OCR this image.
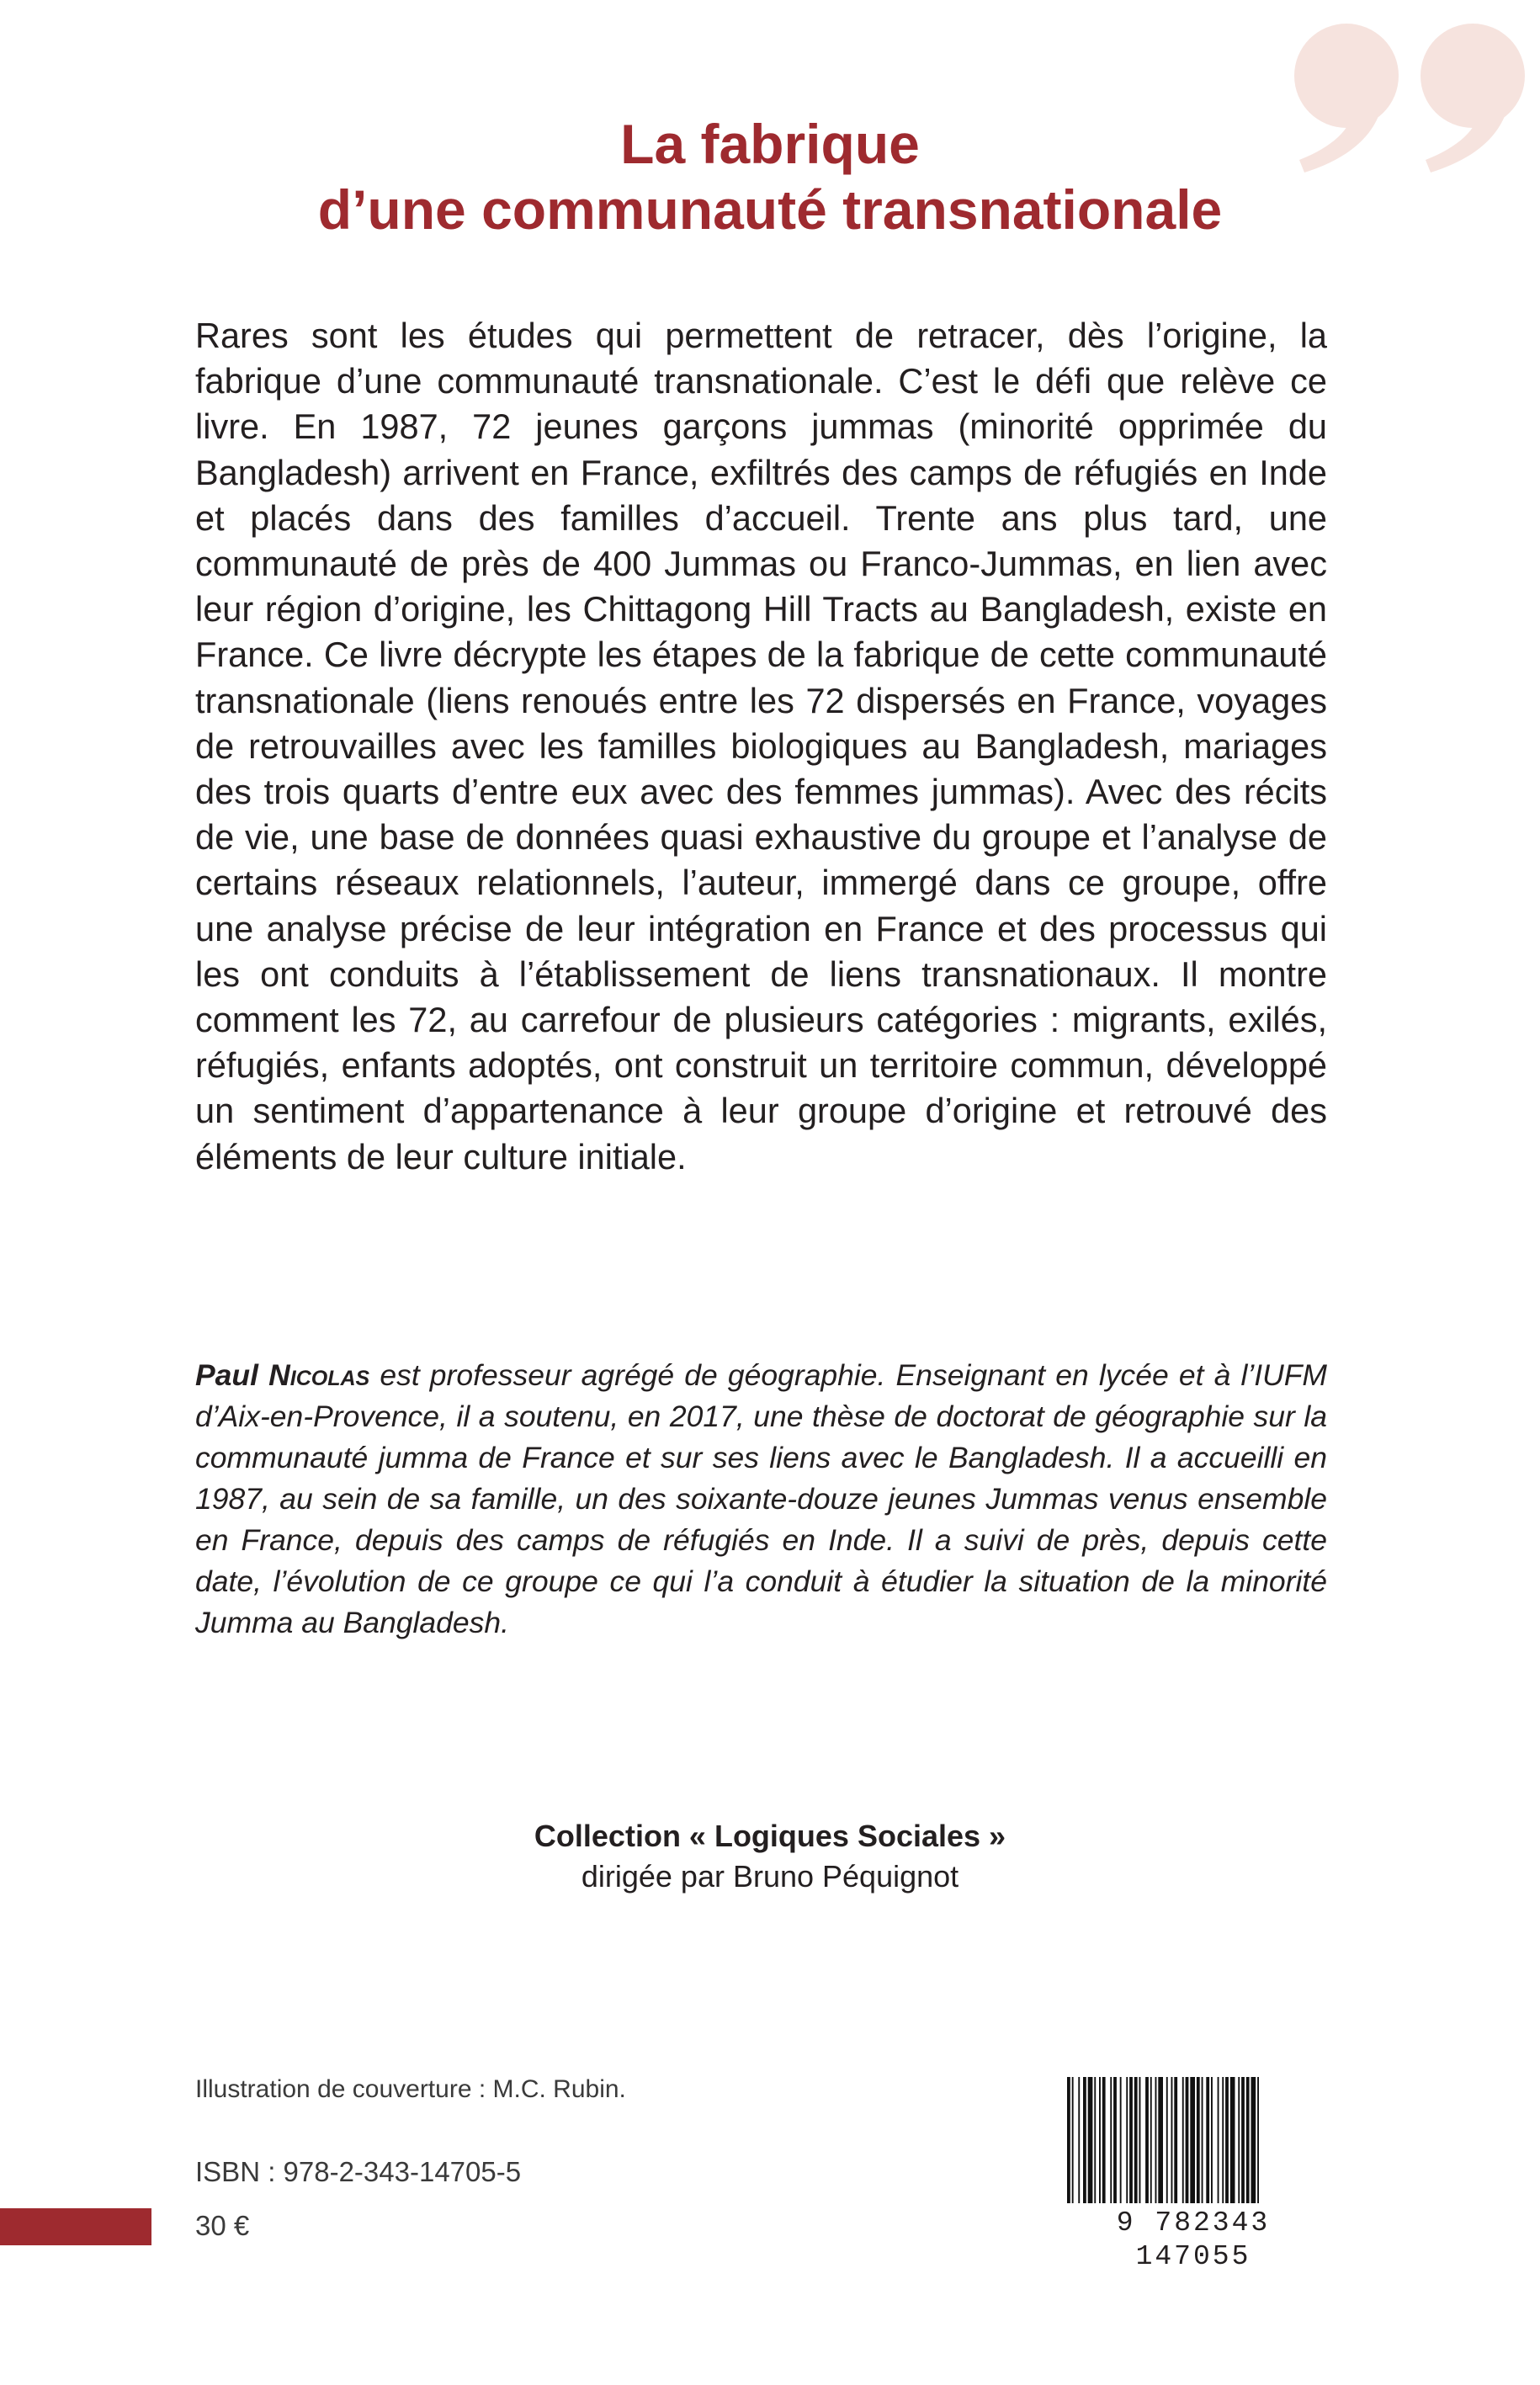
La fabrique
d’une communauté transnationale

Rares sont les études qui permettent de retracer, dès l’origine, la fabrique d’une communauté transnationale. C’est le défi que relève ce livre. En 1987, 72 jeunes garçons jummas (minorité opprimée du Bangladesh) arrivent en France, exfiltrés des camps de réfugiés en Inde et placés dans des familles d’accueil. Trente ans plus tard, une communauté de près de 400 Jummas ou Franco-Jummas, en lien avec leur région d’origine, les Chittagong Hill Tracts au Bangladesh, existe en France. Ce livre décrypte les étapes de la fabrique de cette communauté transnationale (liens renoués entre les 72 dispersés en France, voyages de retrouvailles avec les familles biologiques au Bangladesh, mariages des trois quarts d’entre eux avec des femmes jummas). Avec des récits de vie, une base de données quasi exhaustive du groupe et l’analyse de certains réseaux relationnels, l’auteur, immergé dans ce groupe, offre une analyse précise de leur intégration en France et des processus qui les ont conduits à l’établissement de liens transnationaux. Il montre comment les 72, au carrefour de plusieurs catégories : migrants, exilés, réfugiés, enfants adoptés, ont construit un territoire commun, développé un sentiment d’appartenance à leur groupe d’origine et retrouvé des éléments de leur culture initiale.

Paul Nicolas est professeur agrégé de géographie. Enseignant en lycée et à l’IUFM d’Aix-en-Provence, il a soutenu, en 2017, une thèse de doctorat de géographie sur la communauté jumma de France et sur ses liens avec le Bangladesh. Il a accueilli en 1987, au sein de sa famille, un des soixante-douze jeunes Jummas venus ensemble en France, depuis des camps de réfugiés en Inde. Il a suivi de près, depuis cette date, l’évolution de ce groupe ce qui l’a conduit à étudier la situation de la minorité Jumma au Bangladesh.

Collection « Logiques Sociales »
dirigée par Bruno Péquignot
Illustration de couverture : M.C. Rubin.
ISBN : 978-2-343-14705-5
30 €	9 782343 147055
